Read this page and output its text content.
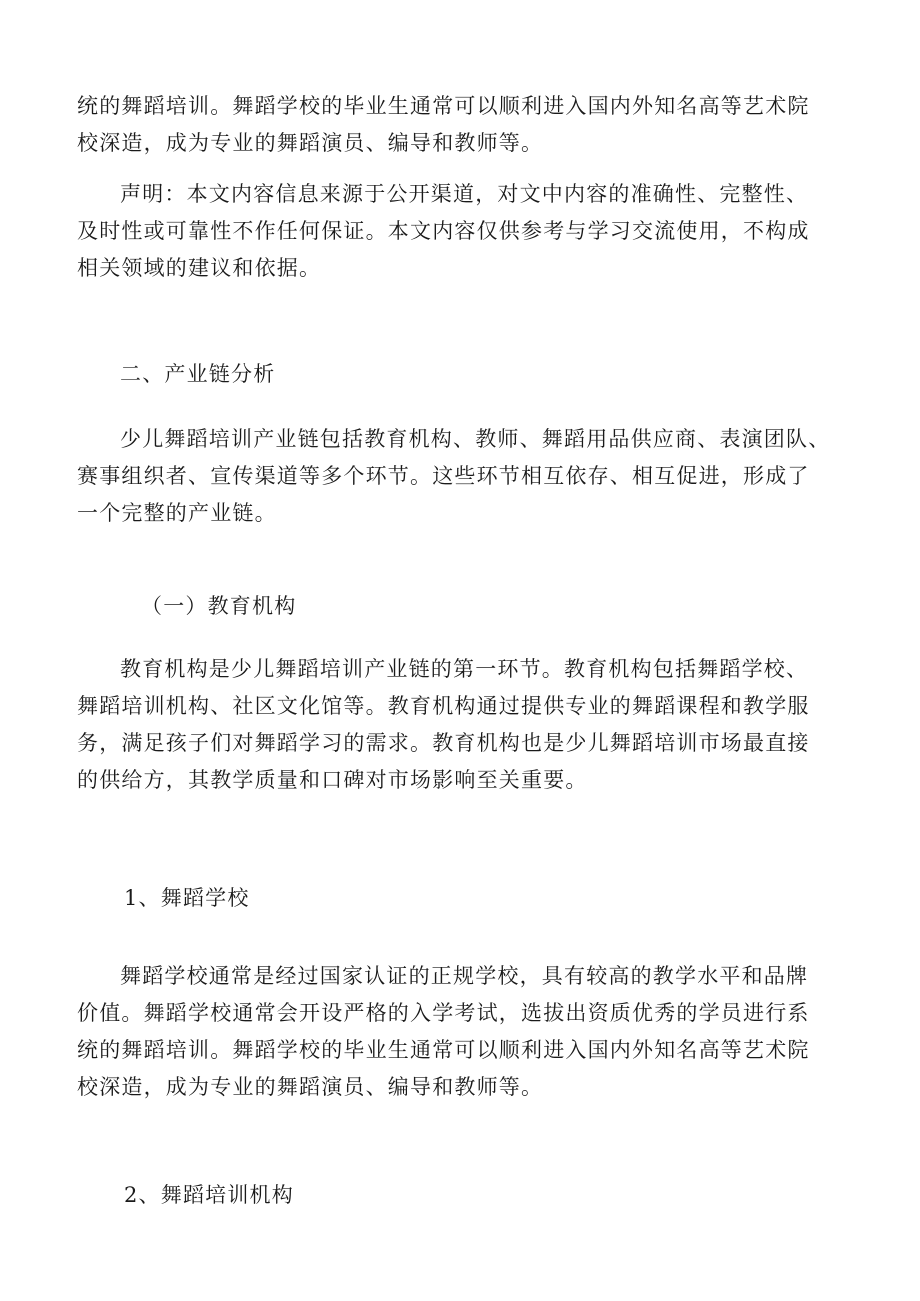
统的舞蹈培训。舞蹈学校的毕业生通常可以顺利进入国内外知名高等艺术院
校深造，成为专业的舞蹈演员、编导和教师等。
声明：本文内容信息来源于公开渠道，对文中内容的准确性、完整性、
及时性或可靠性不作任何保证。本文内容仅供参考与学习交流使用，不构成
相关领域的建议和依据。
二、产业链分析
少儿舞蹈培训产业链包括教育机构、教师、舞蹈用品供应商、表演团队、
赛事组织者、宣传渠道等多个环节。这些环节相互依存、相互促进，形成了
一个完整的产业链。
（一）教育机构
教育机构是少儿舞蹈培训产业链的第一环节。教育机构包括舞蹈学校、
舞蹈培训机构、社区文化馆等。教育机构通过提供专业的舞蹈课程和教学服
务，满足孩子们对舞蹈学习的需求。教育机构也是少儿舞蹈培训市场最直接
的供给方，其教学质量和口碑对市场影响至关重要。
1、舞蹈学校
舞蹈学校通常是经过国家认证的正规学校，具有较高的教学水平和品牌
价值。舞蹈学校通常会开设严格的入学考试，选拔出资质优秀的学员进行系
统的舞蹈培训。舞蹈学校的毕业生通常可以顺利进入国内外知名高等艺术院
校深造，成为专业的舞蹈演员、编导和教师等。
2、舞蹈培训机构
